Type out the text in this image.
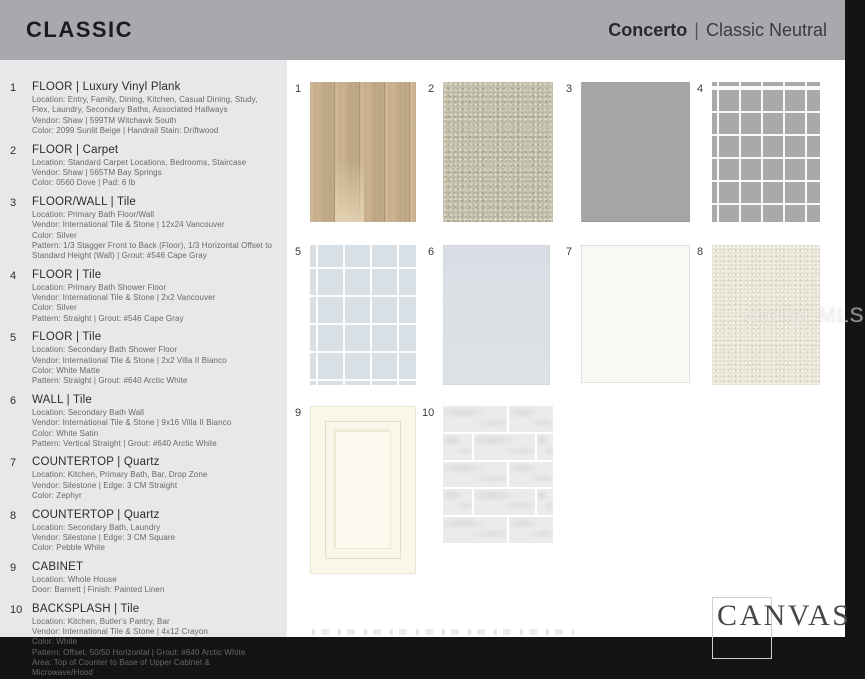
CLASSIC	Concerto | Classic Neutral
1	FLOOR | Luxury Vinyl Plank
Location: Entry, Family, Dining, Kitchen, Casual Dining, Study, Flex, Laundry, Secondary Baths, Associated Hallways
Vendor: Shaw | 599TM Witchawk South
Color: 2099 Sunlit Beige | Handrail Stain: Driftwood
2	FLOOR | Carpet
Location: Standard Carpet Locations, Bedrooms, Staircase
Vendor: Shaw | 565TM Bay Springs
Color: 0560 Dove | Pad: 6 lb
3	FLOOR/WALL | Tile
Location: Primary Bath Floor/Wall
Vendor: International Tile & Stone | 12x24 Vancouver
Color: Silver
Pattern: 1/3 Stagger Front to Back (Floor), 1/3 Horizontal Offset to Standard Height (Wall) | Grout: #546 Cape Gray
4	FLOOR | Tile
Location: Primary Bath Shower Floor
Vendor: International Tile & Stone | 2x2 Vancouver
Color: Silver
Pattern: Straight | Grout: #546 Cape Gray
5	FLOOR | Tile
Location: Secondary Bath Shower Floor
Vendor: International Tile & Stone | 2x2 Villa II Bianco
Color: White Matte
Pattern: Straight | Grout: #640 Arctic White
6	WALL | Tile
Location: Secondary Bath Wall
Vendor: International Tile & Stone | 9x16 Villa II Bianco
Color: White Satin
Pattern: Vertical Straight | Grout: #640 Arctic White
7	COUNTERTOP | Quartz
Location: Kitchen, Primary Bath, Bar, Drop Zone
Vendor: Silestone | Edge: 3 CM Straight
Color: Zephyr
8	COUNTERTOP | Quartz
Location: Secondary Bath, Laundry
Vendor: Silestone | Edge: 3 CM Square
Color: Pebble White
9	CABINET
Location: Whole House
Door: Barnett | Finish: Painted Linen
10 BACKSPLASH | Tile
Location: Kitchen, Butler's Pantry, Bar
Vendor: International Tile & Stone | 4x12 Crayon
Color: White
Pattern: Offset, 50/50 Horizontal | Grout: #640 Arctic White
Area: Top of Counter to Base of Upper Cabinet & Microwave/Hood
1	2	3	4
5	6	7	8
9	10
Stellar MLS
CANVAS
